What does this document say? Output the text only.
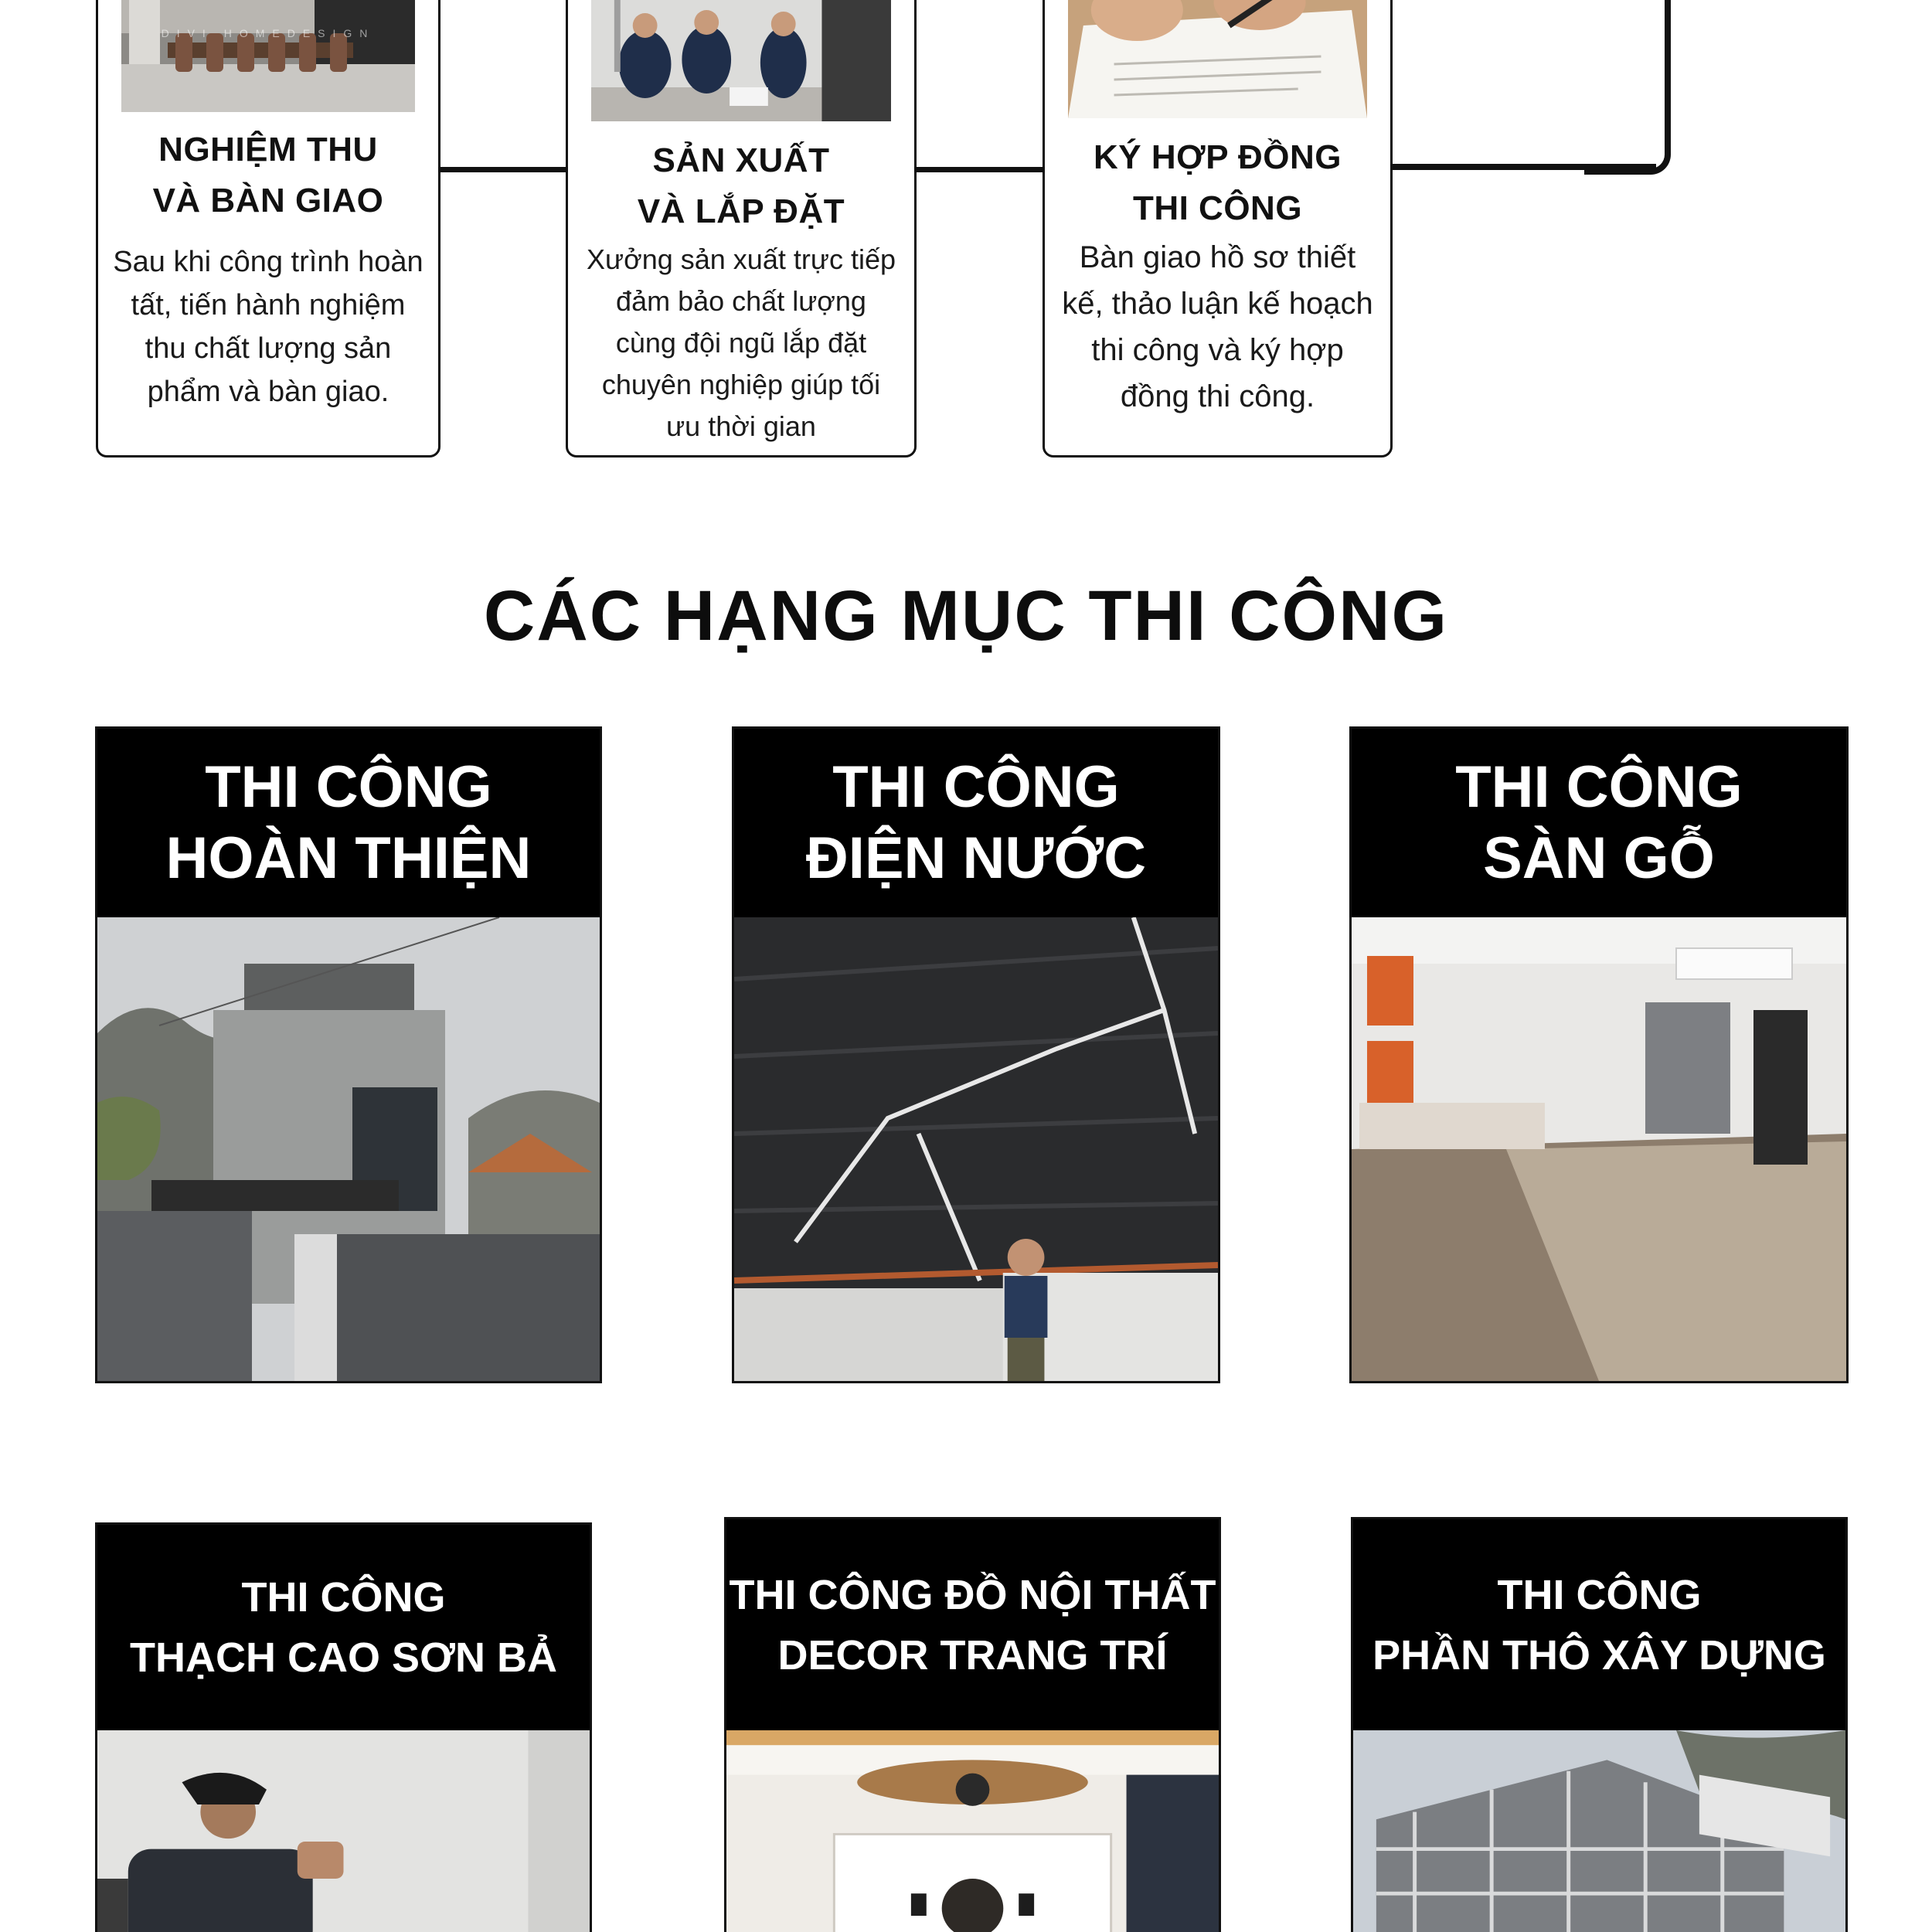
DIVI HOMEDESIGN
NGHIỆM THU
VÀ BÀN GIAO
Sau khi công trình hoàn tất, tiến hành nghiệm thu chất lượng sản phẩm và bàn giao.
SẢN XUẤT
VÀ LẮP ĐẶT
Xưởng sản xuất trực tiếp đảm bảo chất lượng cùng đội ngũ lắp đặt chuyên nghiệp giúp tối ưu thời gian
KÝ HỢP ĐỒNG
THI CÔNG
Bàn giao hồ sơ thiết kế, thảo luận kế hoạch thi công và ký hợp đồng thi công.
CÁC HẠNG MỤC THI CÔNG
THI CÔNG
HOÀN THIỆN
THI CÔNG
ĐIỆN NƯỚC
THI CÔNG
SÀN GỖ
THI CÔNG
THẠCH CAO SƠN BẢ
THI CÔNG ĐỒ NỘI THẤT
DECOR TRANG TRÍ
THI CÔNG
PHẦN THÔ XÂY DỰNG
